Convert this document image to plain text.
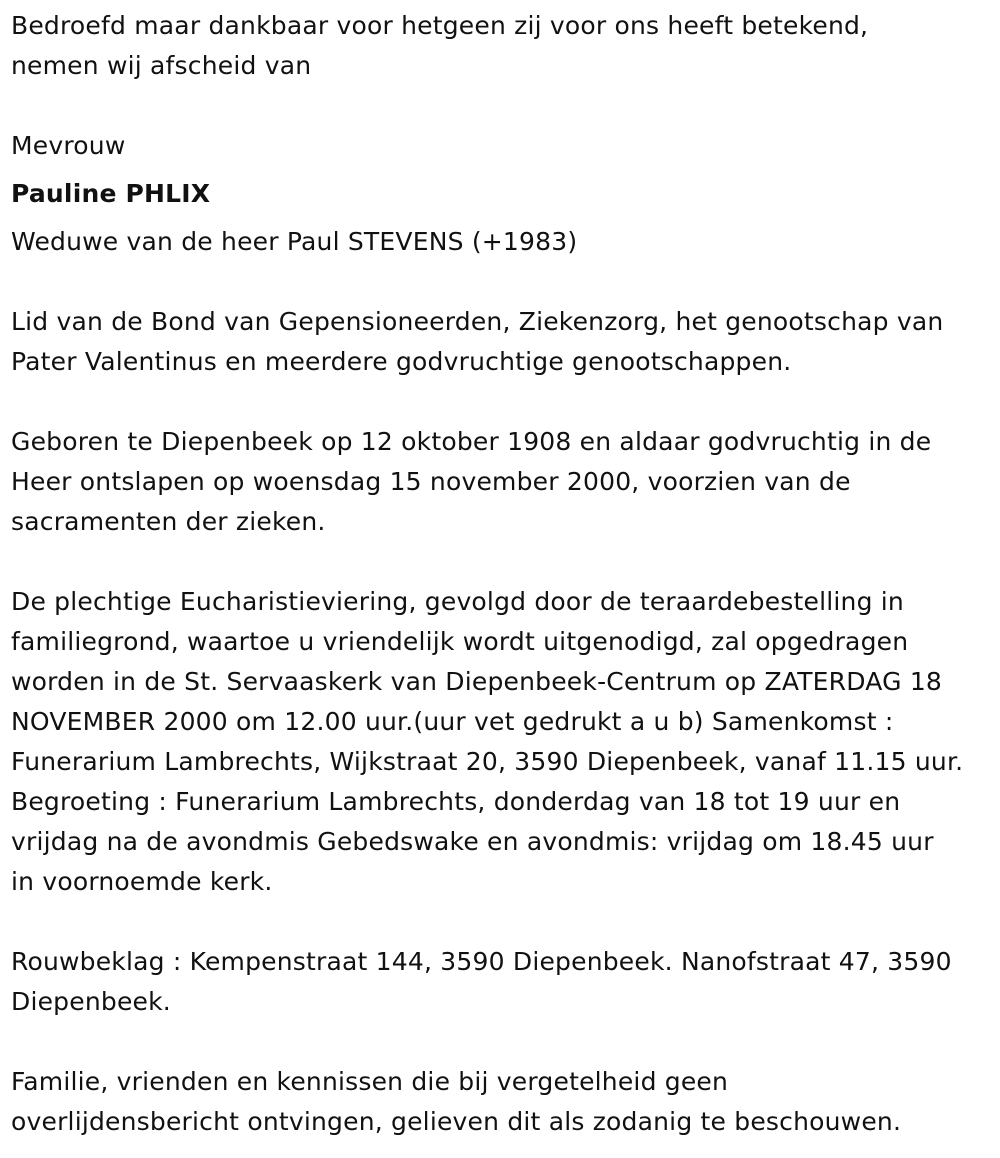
Bedroefd maar dankbaar voor hetgeen zij voor ons heeft betekend,
nemen wij afscheid van

Mevrouw

Pauline PHLIX

Weduwe van de heer Paul STEVENS (+1983)

Lid van de Bond van Gepensioneerden, Ziekenzorg, het genootschap van
Pater Valentinus en meerdere godvruchtige genootschappen.

Geboren te Diepenbeek op 12 oktober 1908 en aldaar godvruchtig in de
Heer ontslapen op woensdag 15 november 2000, voorzien van de
sacramenten der zieken.

De plechtige Eucharistieviering, gevolgd door de teraardebestelling in
familiegrond, waartoe u vriendelijk wordt uitgenodigd, zal opgedragen
worden in de St. Servaaskerk van Diepenbeek-Centrum op ZATERDAG 18
NOVEMBER 2000 om 12.00 uur.(uur vet gedrukt a u b) Samenkomst :
Funerarium Lambrechts, Wijkstraat 20, 3590 Diepenbeek, vanaf 11.15 uur.
Begroeting : Funerarium Lambrechts, donderdag van 18 tot 19 uur en
vrijdag na de avondmis Gebedswake en avondmis: vrijdag om 18.45 uur
in voornoemde kerk.

Rouwbeklag : Kempenstraat 144, 3590 Diepenbeek. Nanofstraat 47, 3590
Diepenbeek.

Familie, vrienden en kennissen die bij vergetelheid geen
overlijdensbericht ontvingen, gelieven dit als zodanig te beschouwen.
